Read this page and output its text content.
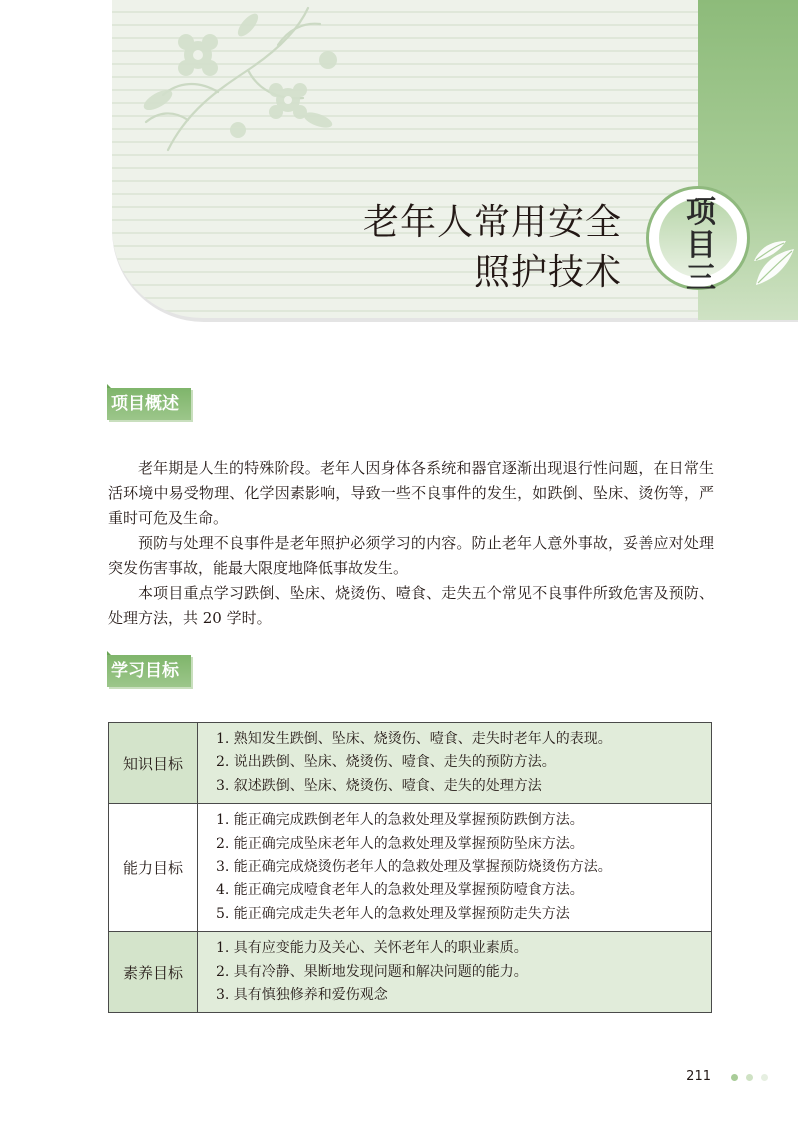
老年人常用安全
照护技术
项
目
三
项目概述

老年期是人生的特殊阶段。老年人因身体各系统和器官逐渐出现退行性问题，在日常生活环境中易受物理、化学因素影响，导致一些不良事件的发生，如跌倒、坠床、烫伤等，严重时可危及生命。

预防与处理不良事件是老年照护必须学习的内容。防止老年人意外事故，妥善应对处理突发伤害事故，能最大限度地降低事故发生。

本项目重点学习跌倒、坠床、烧烫伤、噎食、走失五个常见不良事件所致危害及预防、处理方法，共 20 学时。

学习目标
知识目标	1. 熟知发生跌倒、坠床、烧烫伤、噎食、走失时老年人的表现。
2. 说出跌倒、坠床、烧烫伤、噎食、走失的预防方法。
3. 叙述跌倒、坠床、烧烫伤、噎食、走失的处理方法

能力目标	1. 能正确完成跌倒老年人的急救处理及掌握预防跌倒方法。
2. 能正确完成坠床老年人的急救处理及掌握预防坠床方法。
3. 能正确完成烧烫伤老年人的急救处理及掌握预防烧烫伤方法。
4. 能正确完成噎食老年人的急救处理及掌握预防噎食方法。
5. 能正确完成走失老年人的急救处理及掌握预防走失方法

素养目标	1. 具有应变能力及关心、关怀老年人的职业素质。
2. 具有冷静、果断地发现问题和解决问题的能力。
3. 具有慎独修养和爱伤观念
211
